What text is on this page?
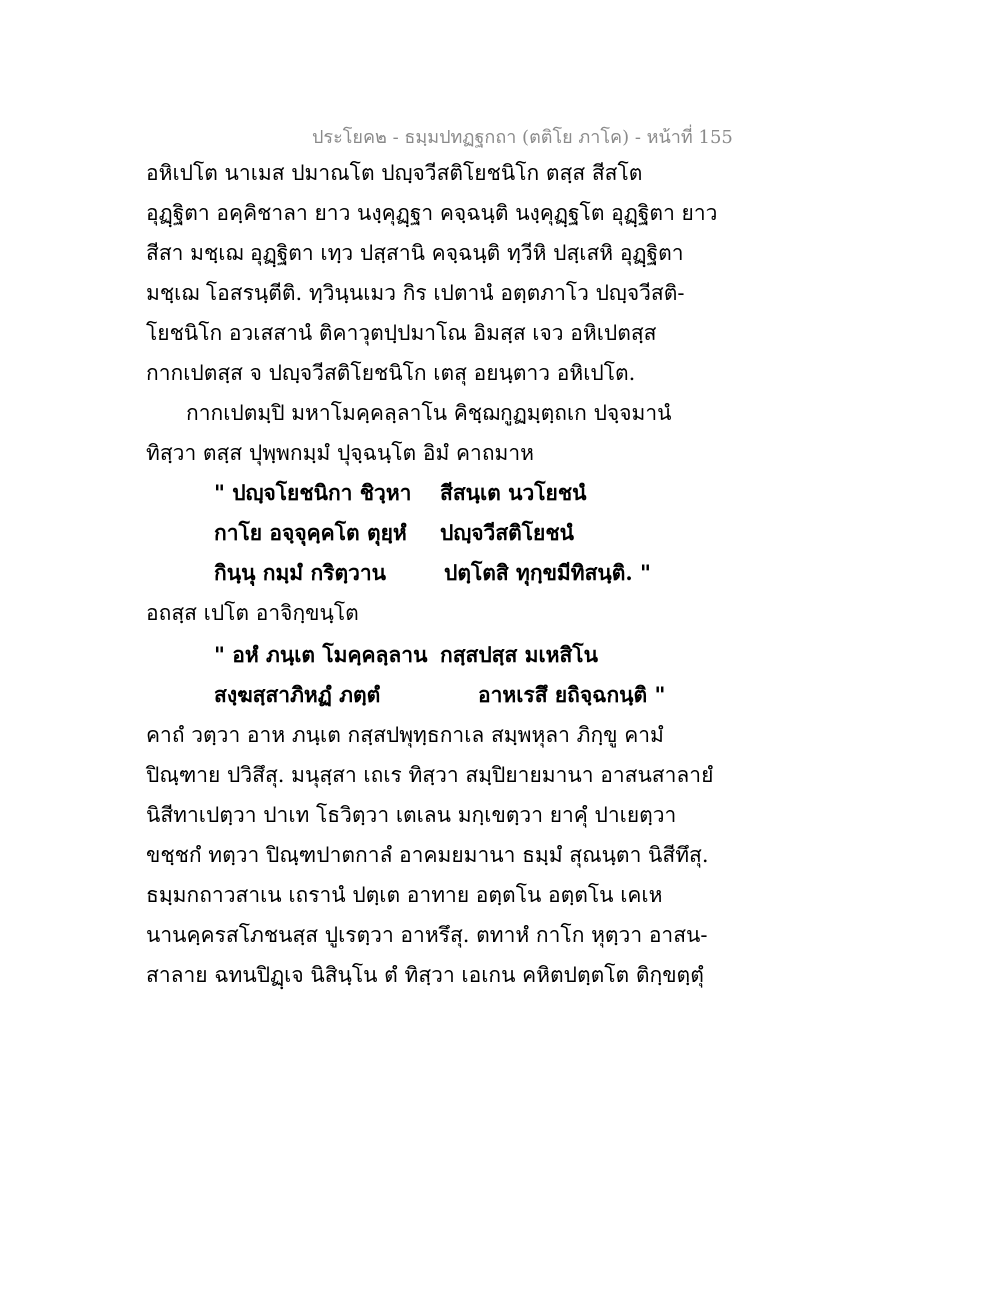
ประโยค๒ - ธมฺมปทฏฐกถา (ตติโย ภาโค) - หน้าที่ 155
อหิเปโต นาเมส ปมาณโต ปญฺจวีสติโยชนิโก ตสฺส สีสโต
อุฏฺฐิตา อคฺคิชาลา ยาว นงฺคุฏฺฐา คจฺฉนฺติ นงฺคุฏฺฐโต อุฏฺฐิตา ยาว
สีสา มชฺเฌ อุฏฺฐิตา เทฺว ปสฺสานิ คจฺฉนฺติ ทฺวีหิ ปสฺเสหิ อุฏฺฐิตา
มชฺเฌ โอสรนฺตีติ. ทฺวินฺนเมว กิร เปตานํ อตฺตภาโว ปญฺจวีสติ-
โยชนิโก อวเสสานํ ติคาวุตปฺปมาโณ อิมสฺส เจว อหิเปตสฺส
กากเปตสฺส จ ปญฺจวีสติโยชนิโก เตสุ อยนฺตาว อหิเปโต.
กากเปตมฺปิ มหาโมคฺคลฺลาโน คิชฺฌกูฏมฺตฺถเก ปจฺจมานํ
ทิสฺวา ตสฺส ปุพฺพกมฺมํ ปุจฺฉนฺโต อิมํ คาถมาห
" ปญฺจโยชนิกา ชิวฺหา สีสนฺเต นวโยชนํ
กาโย อจฺจุคฺคโต ตุยฺหํ ปญฺจวีสติโยชนํ
กินฺนุ กมฺมํ กริตฺวาน	ปตฺโตสิ ทุกฺขมีทิสนฺติ. "
อถสฺส เปโต อาจิกฺขนฺโต
" อหํ ภนฺเต โมคฺคลฺลาน กสฺสปสฺส มเหสิโน
สงฺฆสฺสาภิหฏํ ภตฺตํ	อาหเรสึ ยถิจฺฉกนฺติ "
คาถํ วตฺวา อาห ภนฺเต กสฺสปพุทฺธกาเล สมฺพหุลา ภิกฺขู คามํ
ปิณฺฑาย ปวิสึสุ. มนุสฺสา เถเร ทิสฺวา สมฺปิยายมานา อาสนสาลายํ
นิสีทาเปตฺวา ปาเท โธวิตฺวา เตเลน มกฺเขตฺวา ยาคุํ ปาเยตฺวา
ขชฺชกํ ทตฺวา ปิณฺฑปาตกาลํ อาคมยมานา ธมฺมํ สุณนฺตา นิสีทึสุ.
ธมฺมกถาวสาเน เถรานํ ปตฺเต อาทาย อตฺตโน อตฺตโน เคเห
นานคฺครสโภชนสฺส ปูเรตฺวา อาหรึสุ. ตทาหํ กาโก หุตฺวา อาสน-
สาลาย ฉทนปิฏฺเจ นิสินฺโน ตํ ทิสฺวา เอเกน คหิตปตฺตโต ติกฺขตฺตุํ
